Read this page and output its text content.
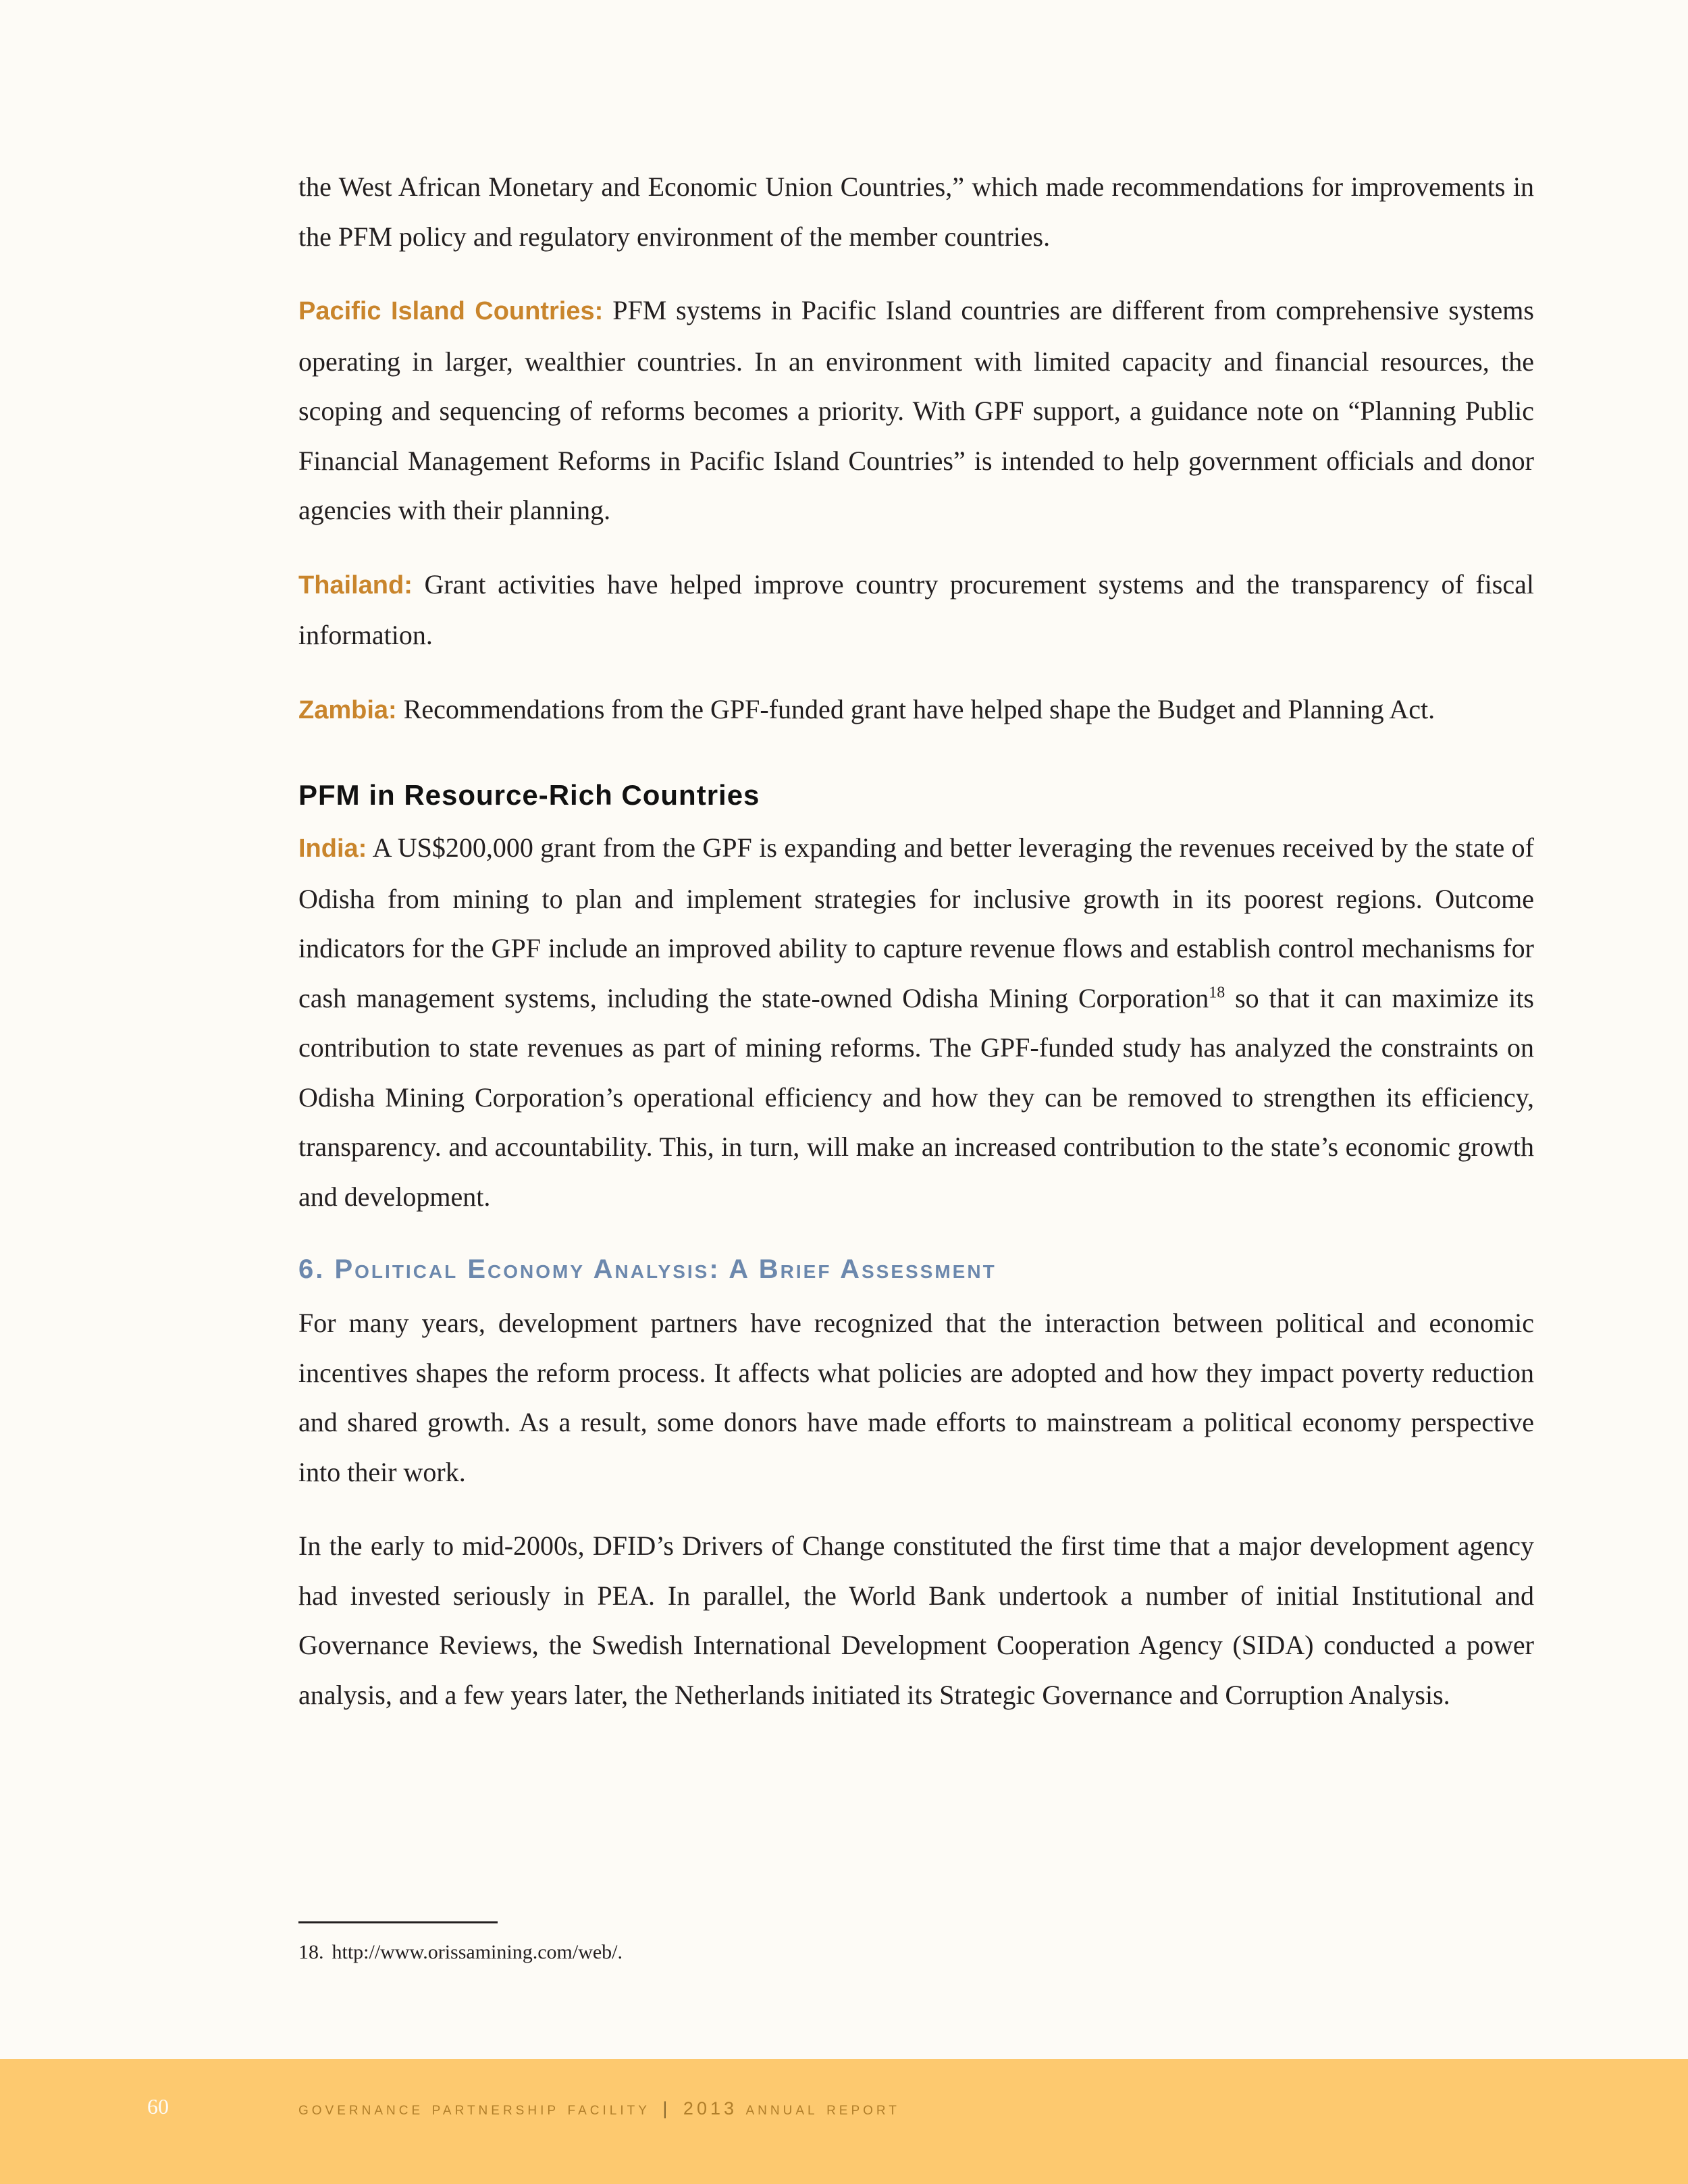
the West African Monetary and Economic Union Countries,” which made recommendations for improvements in the PFM policy and regulatory environment of the member countries.

Pacific Island Countries: PFM systems in Pacific Island countries are different from comprehensive systems operating in larger, wealthier countries. In an environment with limited capacity and financial resources, the scoping and sequencing of reforms becomes a priority. With GPF support, a guidance note on “Planning Public Financial Management Reforms in Pacific Island Countries” is intended to help government officials and donor agencies with their planning.

Thailand: Grant activities have helped improve country procurement systems and the transparency of fiscal information.

Zambia: Recommendations from the GPF-funded grant have helped shape the Budget and Planning Act.

PFM in Resource-Rich Countries

India: A US$200,000 grant from the GPF is expanding and better leveraging the revenues received by the state of Odisha from mining to plan and implement strategies for inclusive growth in its poorest regions. Outcome indicators for the GPF include an improved ability to capture revenue flows and establish control mechanisms for cash management systems, including the state-owned Odisha Mining Corporation$^{18}$ so that it can maximize its contribution to state revenues as part of mining reforms. The GPF-funded study has analyzed the constraints on Odisha Mining Corporation’s operational efficiency and how they can be removed to strengthen its efficiency, transparency. and accountability. This, in turn, will make an increased contribution to the state’s economic growth and development.

6. Political Economy Analysis: A Brief Assessment

For many years, development partners have recognized that the interaction between political and economic incentives shapes the reform process. It affects what policies are adopted and how they impact poverty reduction and shared growth. As a result, some donors have made efforts to mainstream a political economy perspective into their work.

In the early to mid-2000s, DFID’s Drivers of Change constituted the first time that a major development agency had invested seriously in PEA. In parallel, the World Bank undertook a number of initial Institutional and Governance Reviews, the Swedish International Development Cooperation Agency (SIDA) conducted a power analysis, and a few years later, the Netherlands initiated its Strategic Governance and Corruption Analysis.

18. http://www.orissamining.com/web/.
60	governance partnership facility | 2013 annual report
